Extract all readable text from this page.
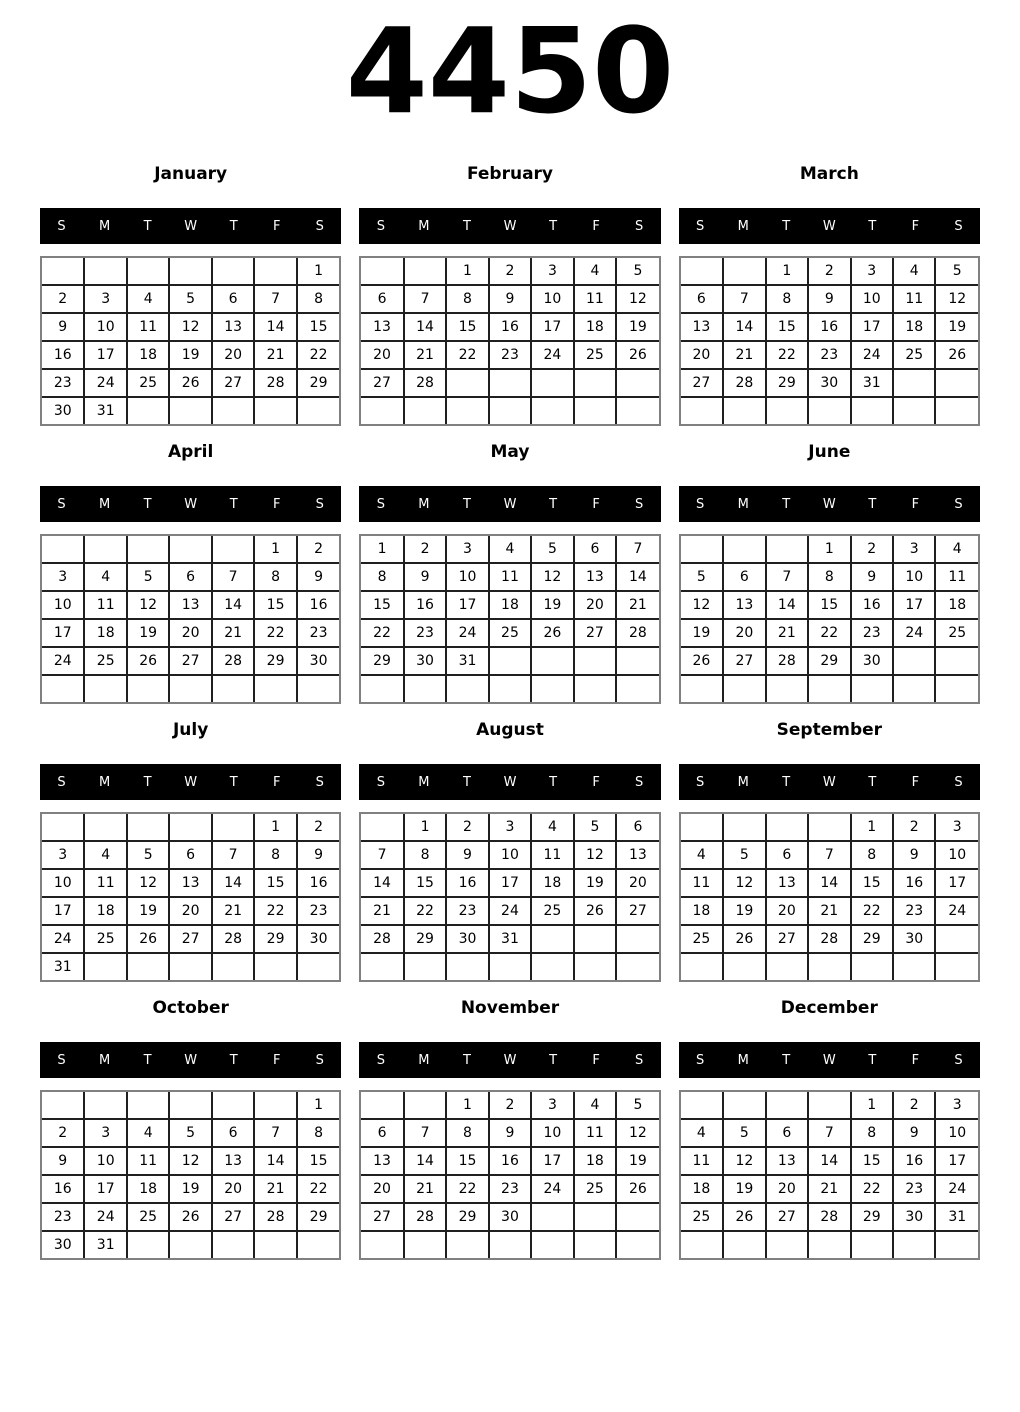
4450
January
S	M	T	W	T	F	S
						1
2	3	4	5	6	7	8
9	10	11	12	13	14	15
16	17	18	19	20	21	22
23	24	25	26	27	28	29
30	31					
February
S	M	T	W	T	F	S
		1	2	3	4	5
6	7	8	9	10	11	12
13	14	15	16	17	18	19
20	21	22	23	24	25	26
27	28					

March
S	M	T	W	T	F	S
		1	2	3	4	5
6	7	8	9	10	11	12
13	14	15	16	17	18	19
20	21	22	23	24	25	26
27	28	29	30	31		

April
S	M	T	W	T	F	S
					1	2
3	4	5	6	7	8	9
10	11	12	13	14	15	16
17	18	19	20	21	22	23
24	25	26	27	28	29	30

May
S	M	T	W	T	F	S
1	2	3	4	5	6	7
8	9	10	11	12	13	14
15	16	17	18	19	20	21
22	23	24	25	26	27	28
29	30	31				

June
S	M	T	W	T	F	S
			1	2	3	4
5	6	7	8	9	10	11
12	13	14	15	16	17	18
19	20	21	22	23	24	25
26	27	28	29	30		

July
S	M	T	W	T	F	S
					1	2
3	4	5	6	7	8	9
10	11	12	13	14	15	16
17	18	19	20	21	22	23
24	25	26	27	28	29	30
31						
August
S	M	T	W	T	F	S
	1	2	3	4	5	6
7	8	9	10	11	12	13
14	15	16	17	18	19	20
21	22	23	24	25	26	27
28	29	30	31			

September
S	M	T	W	T	F	S
				1	2	3
4	5	6	7	8	9	10
11	12	13	14	15	16	17
18	19	20	21	22	23	24
25	26	27	28	29	30	

October
S	M	T	W	T	F	S
						1
2	3	4	5	6	7	8
9	10	11	12	13	14	15
16	17	18	19	20	21	22
23	24	25	26	27	28	29
30	31					
November
S	M	T	W	T	F	S
		1	2	3	4	5
6	7	8	9	10	11	12
13	14	15	16	17	18	19
20	21	22	23	24	25	26
27	28	29	30			

December
S	M	T	W	T	F	S
				1	2	3
4	5	6	7	8	9	10
11	12	13	14	15	16	17
18	19	20	21	22	23	24
25	26	27	28	29	30	31
